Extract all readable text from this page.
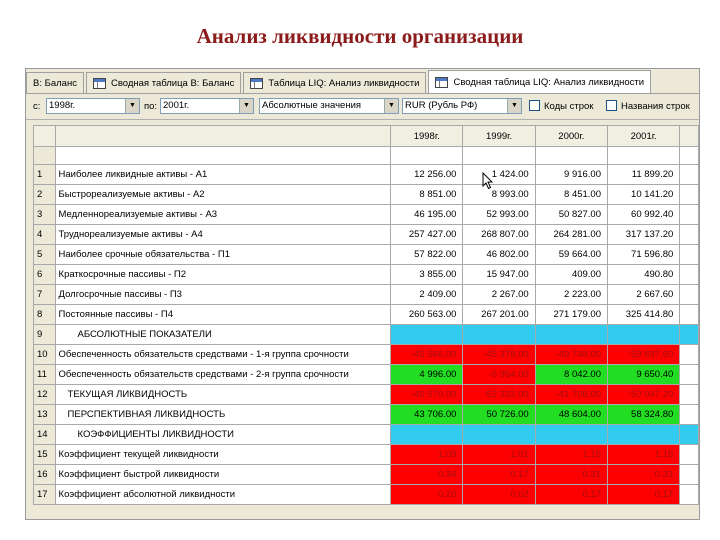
Анализ ликвидности организации
В: Баланс	Сводная таблица В: Баланс	Таблица LIQ: Анализ ликвидности	Сводная таблица LIQ: Анализ ликвидности
с: 1998г.	▼ по: 2001г.	▼	Абсолютные значения	▼	RUR (Рубль РФ)	▼	Коды строк	Названия строк
		1998г.	1999г.	2000г.	2001г.	

1	Наиболее ликвидные активы - А1	12 256.00	1 424.00	9 916.00	11 899.20	
2	Быстрореализуемые активы - А2	8 851.00	8 993.00	8 451.00	10 141.20	
3	Медленнореализуемые активы - А3	46 195.00	52 993.00	50 827.00	60 992.40	
4	Труднореализуемые активы - А4	257 427.00	268 807.00	264 281.00	317 137.20	
5	Наиболее срочные обязательства - П1	57 822.00	46 802.00	59 664.00	71 596.80	
6	Краткосрочные пассивы - П2	3 855.00	15 947.00	409.00	490.80	
7	Долгосрочные пассивы - П3	2 409.00	2 267.00	2 223.00	2 667.60	
8	Постоянные пассивы - П4	260 563.00	267 201.00	271 179.00	325 414.80	
9	АБСОЛЮТНЫЕ ПОКАЗАТЕЛИ					
10	Обеспеченность обязательств средствами - 1-я группа срочности	-45 566.00	-45 378.00	-49 748.00	-59 697.60	
11	Обеспеченность обязательств средствами - 2-я группа срочности	4 996.00	-6 954.00	8 042.00	9 650.40	
12	ТЕКУЩАЯ ЛИКВИДНОСТЬ	-40 570.00	-52 332.00	-41 706.00	-50 047.20	
13	ПЕРСПЕКТИВНАЯ ЛИКВИДНОСТЬ	43 706.00	50 726.00	48 604.00	58 324.80	
14	КОЭФФИЦИЕНТЫ ЛИКВИДНОСТИ					
15	Коэффициент текущей ликвидности	1.09	1.01	1.15	1.15	
16	Коэффициент быстрой ликвидности	0.34	0.17	0.31	0.31	
17	Коэффициент абсолютной ликвидности	0.20	0.02	0.17	0.17	
